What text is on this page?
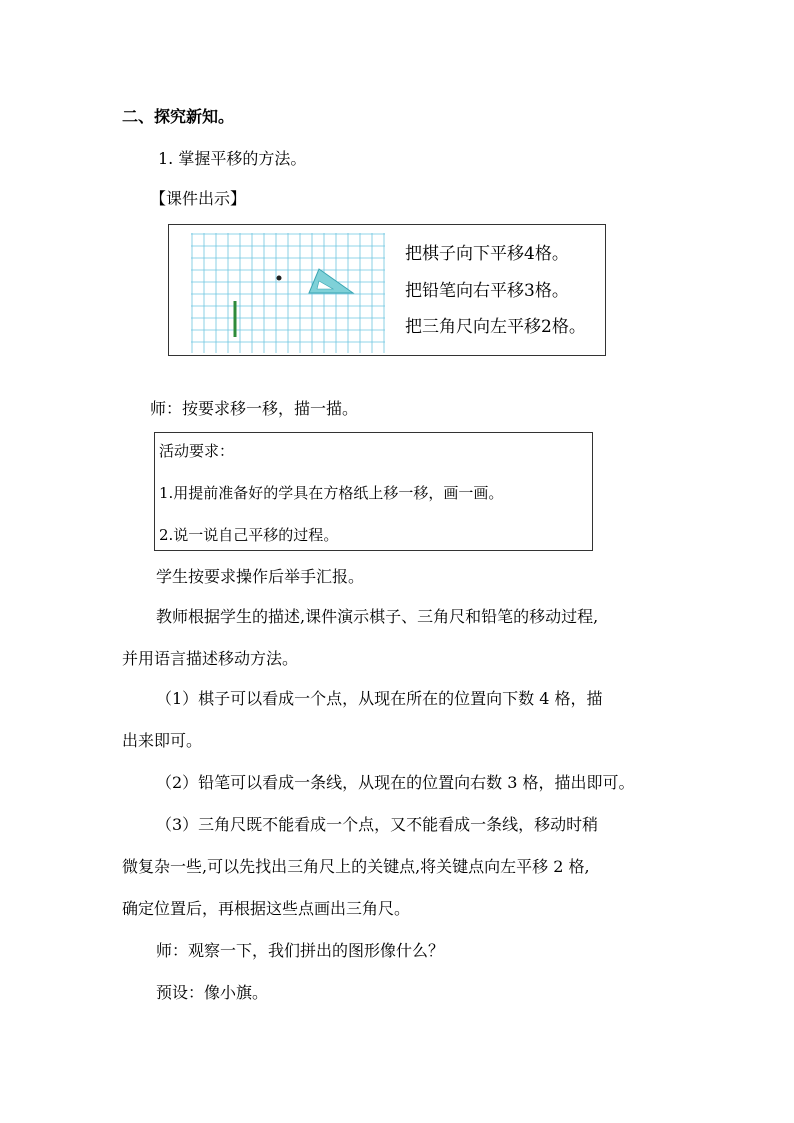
二、探究新知。
1. 掌握平移的方法。
【课件出示】
把棋子向下平移4格。
把铅笔向右平移3格。
把三角尺向左平移2格。
师：按要求移一移，描一描。
活动要求：
1.用提前准备好的学具在方格纸上移一移，画一画。
2.说一说自己平移的过程。
学生按要求操作后举手汇报。
教师根据学生的描述,课件演示棋子、三角尺和铅笔的移动过程,
并用语言描述移动方法。
（1）棋子可以看成一个点，从现在所在的位置向下数 4 格，描
出来即可。
（2）铅笔可以看成一条线，从现在的位置向右数 3 格，描出即可。
（3）三角尺既不能看成一个点，又不能看成一条线，移动时稍
微复杂一些,可以先找出三角尺上的关键点,将关键点向左平移 2 格,
确定位置后，再根据这些点画出三角尺。
师：观察一下，我们拼出的图形像什么？
预设：像小旗。
